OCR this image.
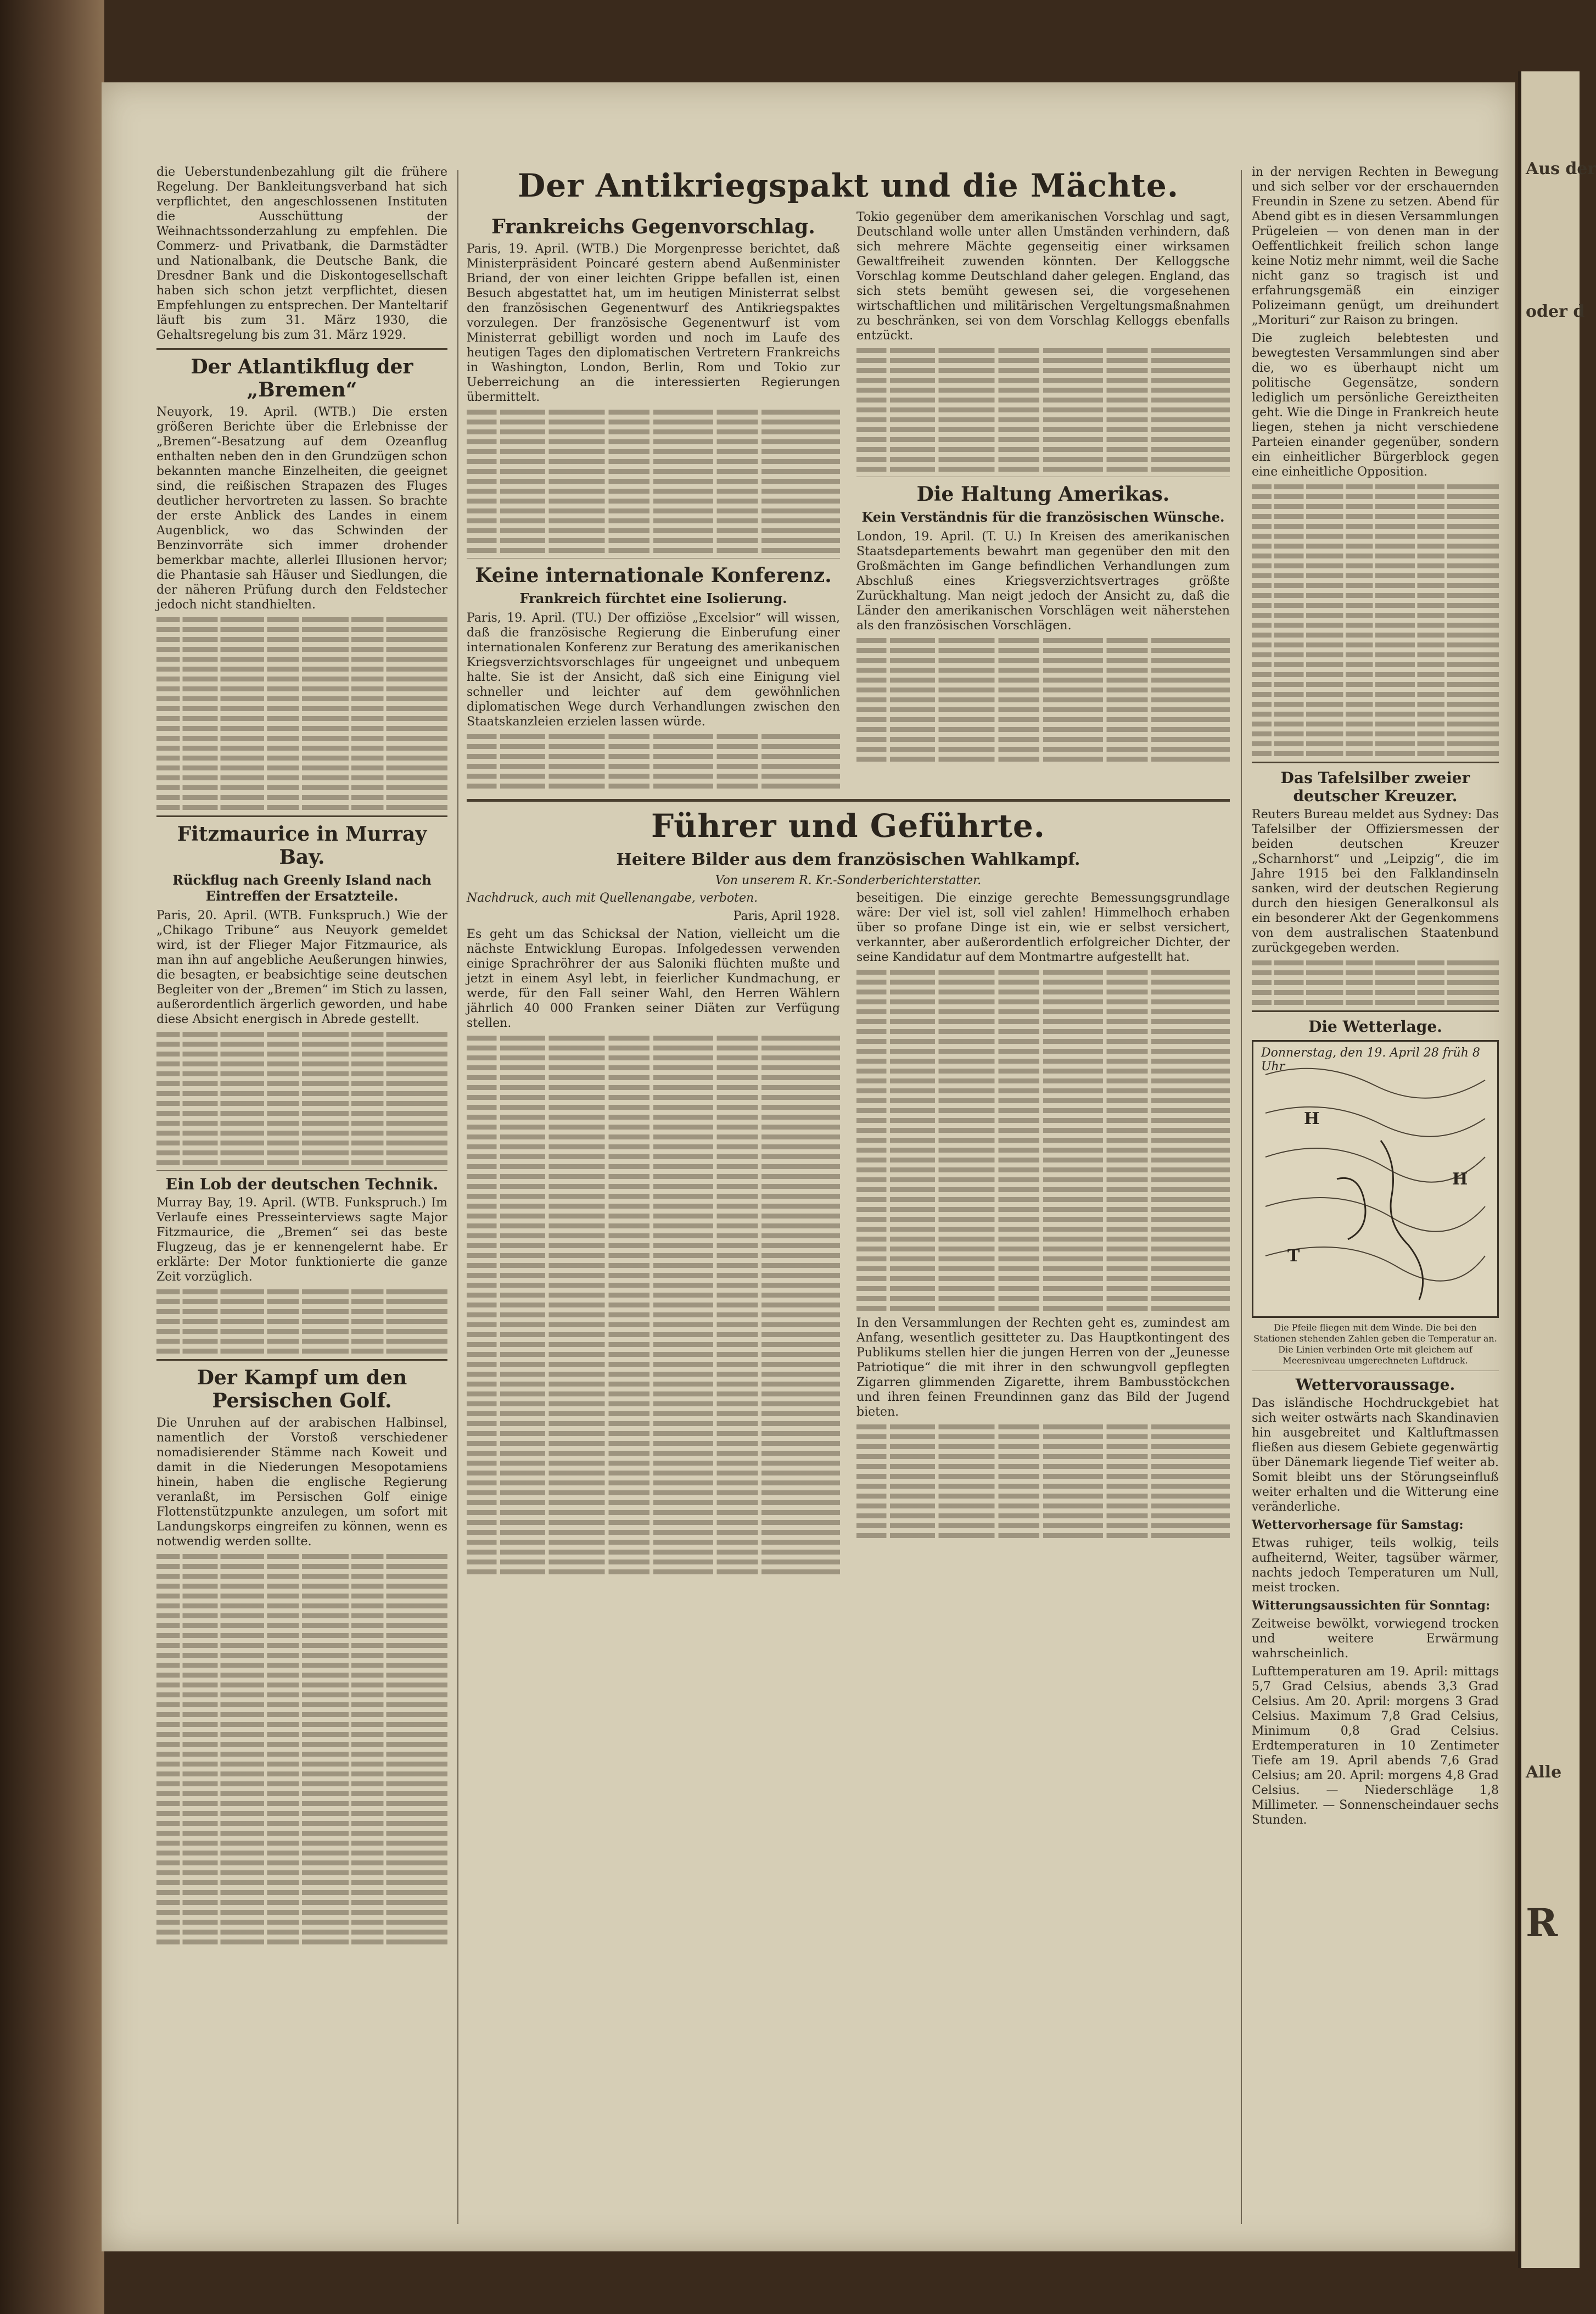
die Ueberstundenbezahlung gilt die frühere Regelung. Der Bankleitungsverband hat sich verpflichtet, den angeschlossenen Instituten die Ausschüttung der Weihnachtssonderzahlung zu empfehlen. Die Commerz- und Privatbank, die Darmstädter und Nationalbank, die Deutsche Bank, die Dresdner Bank und die Diskontogesellschaft haben sich schon jetzt verpflichtet, diesen Empfehlungen zu entsprechen. Der Manteltarif läuft bis zum 31. März 1930, die Gehaltsregelung bis zum 31. März 1929.

Der Atlantikflug der „Bremen“

Neuyork, 19. April. (WTB.) Die ersten größeren Berichte über die Erlebnisse der „Bremen“-Besatzung auf dem Ozeanflug enthalten neben den in den Grundzügen schon bekannten manche Einzelheiten, die geeignet sind, die reißischen Strapazen des Fluges deutlicher hervortreten zu lassen. So brachte der erste Anblick des Landes in einem Augenblick, wo das Schwinden der Benzinvorräte sich immer drohender bemerkbar machte, allerlei Illusionen hervor; die Phantasie sah Häuser und Siedlungen, die der näheren Prüfung durch den Feldstecher jedoch nicht standhielten.

Fitzmaurice in Murray Bay.
Rückflug nach Greenly Island nach Eintreffen der Ersatzteile.

Paris, 20. April. (WTB. Funkspruch.) Wie der „Chikago Tribune“ aus Neuyork gemeldet wird, ist der Flieger Major Fitzmaurice, als man ihn auf angebliche Aeußerungen hinwies, die besagten, er beabsichtige seine deutschen Begleiter von der „Bremen“ im Stich zu lassen, außerordentlich ärgerlich geworden, und habe diese Absicht energisch in Abrede gestellt.

Ein Lob der deutschen Technik.

Murray Bay, 19. April. (WTB. Funkspruch.) Im Verlaufe eines Presseinterviews sagte Major Fitzmaurice, die „Bremen“ sei das beste Flugzeug, das je er kennengelernt habe. Er erklärte: Der Motor funktionierte die ganze Zeit vorzüglich.

Der Kampf um den Persischen Golf.

Die Unruhen auf der arabischen Halbinsel, namentlich der Vorstoß verschiedener nomadisierender Stämme nach Koweit und damit in die Niederungen Mesopotamiens hinein, haben die englische Regierung veranlaßt, im Persischen Golf einige Flottenstützpunkte anzulegen, um sofort mit Landungskorps eingreifen zu können, wenn es notwendig werden sollte.

Der Antikriegspakt und die Mächte.
Frankreichs Gegenvorschlag.

Paris, 19. April. (WTB.) Die Morgenpresse berichtet, daß Ministerpräsident Poincaré gestern abend Außenminister Briand, der von einer leichten Grippe befallen ist, einen Besuch abgestattet hat, um im heutigen Ministerrat selbst den französischen Gegenentwurf des Antikriegspaktes vorzulegen. Der französische Gegenentwurf ist vom Ministerrat gebilligt worden und noch im Laufe des heutigen Tages den diplomatischen Vertretern Frankreichs in Washington, London, Berlin, Rom und Tokio zur Ueberreichung an die interessierten Regierungen übermittelt.

Keine internationale Konferenz.
Frankreich fürchtet eine Isolierung.

Paris, 19. April. (TU.) Der offiziöse „Excelsior“ will wissen, daß die französische Regierung die Einberufung einer internationalen Konferenz zur Beratung des amerikanischen Kriegsverzichtsvorschlages für ungeeignet und unbequem halte. Sie ist der Ansicht, daß sich eine Einigung viel schneller und leichter auf dem gewöhnlichen diplomatischen Wege durch Verhandlungen zwischen den Staatskanzleien erzielen lassen würde.

Tokio gegenüber dem amerikanischen Vorschlag und sagt, Deutschland wolle unter allen Umständen verhindern, daß sich mehrere Mächte gegenseitig einer wirksamen Gewaltfreiheit zuwenden könnten. Der Kelloggsche Vorschlag komme Deutschland daher gelegen. England, das sich stets bemüht gewesen sei, die vorgesehenen wirtschaftlichen und militärischen Vergeltungsmaßnahmen zu beschränken, sei von dem Vorschlag Kelloggs ebenfalls entzückt.

Die Haltung Amerikas.
Kein Verständnis für die französischen Wünsche.

London, 19. April. (T. U.) In Kreisen des amerikanischen Staatsdepartements bewahrt man gegenüber den mit den Großmächten im Gange befindlichen Verhandlungen zum Abschluß eines Kriegsverzichtsvertrages größte Zurückhaltung. Man neigt jedoch der Ansicht zu, daß die Länder den amerikanischen Vorschlägen weit näherstehen als den französischen Vorschlägen.

Führer und Geführte.
Heitere Bilder aus dem französischen Wahlkampf.
Von unserem R. Kr.-Sonderberichterstatter.

Nachdruck, auch mit Quellenangabe, verboten.

Paris, April 1928.

Es geht um das Schicksal der Nation, vielleicht um die nächste Entwicklung Europas. Infolgedessen verwenden einige Sprachröhrer der aus Saloniki flüchten mußte und jetzt in einem Asyl lebt, in feierlicher Kundmachung, er werde, für den Fall seiner Wahl, den Herren Wählern jährlich 40 000 Franken seiner Diäten zur Verfügung stellen.

beseitigen. Die einzige gerechte Bemessungsgrundlage wäre: Der viel ist, soll viel zahlen! Himmelhoch erhaben über so profane Dinge ist ein, wie er selbst versichert, verkannter, aber außerordentlich erfolgreicher Dichter, der seine Kandidatur auf dem Montmartre aufgestellt hat.

In den Versammlungen der Rechten geht es, zumindest am Anfang, wesentlich gesitteter zu. Das Hauptkontingent des Publikums stellen hier die jungen Herren von der „Jeunesse Patriotique“ die mit ihrer in den schwungvoll gepflegten Zigarren glimmenden Zigarette, ihrem Bambusstöckchen und ihren feinen Freundinnen ganz das Bild der Jugend bieten.

in der nervigen Rechten in Bewegung und sich selber vor der erschauernden Freundin in Szene zu setzen. Abend für Abend gibt es in diesen Versammlungen Prügeleien — von denen man in der Oeffentlichkeit freilich schon lange keine Notiz mehr nimmt, weil die Sache nicht ganz so tragisch ist und erfahrungsgemäß ein einziger Polizeimann genügt, um dreihundert „Morituri“ zur Raison zu bringen.

Die zugleich belebtesten und bewegtesten Versammlungen sind aber die, wo es überhaupt nicht um politische Gegensätze, sondern lediglich um persönliche Gereiztheiten geht. Wie die Dinge in Frankreich heute liegen, stehen ja nicht verschiedene Parteien einander gegenüber, sondern ein einheitlicher Bürgerblock gegen eine einheitliche Opposition.

Das Tafelsilber zweier deutscher Kreuzer.

Reuters Bureau meldet aus Sydney: Das Tafelsilber der Offiziersmessen der beiden deutschen Kreuzer „Scharnhorst“ und „Leipzig“, die im Jahre 1915 bei den Falklandinseln sanken, wird der deutschen Regierung durch den hiesigen Generalkonsul als ein besonderer Akt der Gegenkommens von dem australischen Staatenbund zurückgegeben werden.

Die Wetterlage.
Donnerstag, den 19. April 28 früh 8 Uhr
H
H
T
Die Pfeile fliegen mit dem Winde. Die bei den Stationen stehenden Zahlen geben die Temperatur an. Die Linien verbinden Orte mit gleichem auf Meeresniveau umgerechneten Luftdruck.
Wettervoraussage.

Das isländische Hochdruckgebiet hat sich weiter ostwärts nach Skandinavien hin ausgebreitet und Kaltluftmassen fließen aus diesem Gebiete gegenwärtig über Dänemark liegende Tief weiter ab. Somit bleibt uns der Störungseinfluß weiter erhalten und die Witterung eine veränderliche.

Wettervorhersage für Samstag:

Etwas ruhiger, teils wolkig, teils aufheiternd, Weiter, tagsüber wärmer, nachts jedoch Temperaturen um Null, meist trocken.

Witterungsaussichten für Sonntag:

Zeitweise bewölkt, vorwiegend trocken und weitere Erwärmung wahrscheinlich.

Lufttemperaturen am 19. April: mittags 5,7 Grad Celsius, abends 3,3 Grad Celsius. Am 20. April: morgens 3 Grad Celsius. Maximum 7,8 Grad Celsius, Minimum 0,8 Grad Celsius. Erdtemperaturen in 10 Zentimeter Tiefe am 19. April abends 7,6 Grad Celsius; am 20. April: morgens 4,8 Grad Celsius. — Niederschläge 1,8 Millimeter. — Sonnenscheindauer sechs Stunden.

Aus der
oder d
Alle
R
